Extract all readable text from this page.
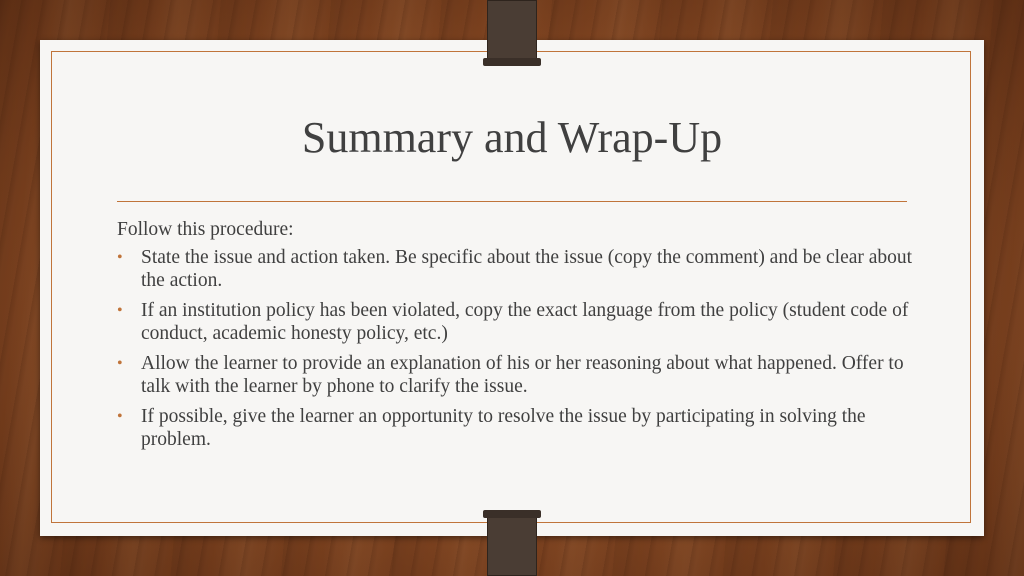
Summary and Wrap-Up

Follow this procedure:

• State the issue and action taken. Be specific about the issue (copy the comment) and be clear about the action.
• If an institution policy has been violated, copy the exact language from the policy (student code of conduct, academic honesty policy, etc.)
• Allow the learner to provide an explanation of his or her reasoning about what happened. Offer to talk with the learner by phone to clarify the issue.
• If possible, give the learner an opportunity to resolve the issue by participating in solving the problem.
